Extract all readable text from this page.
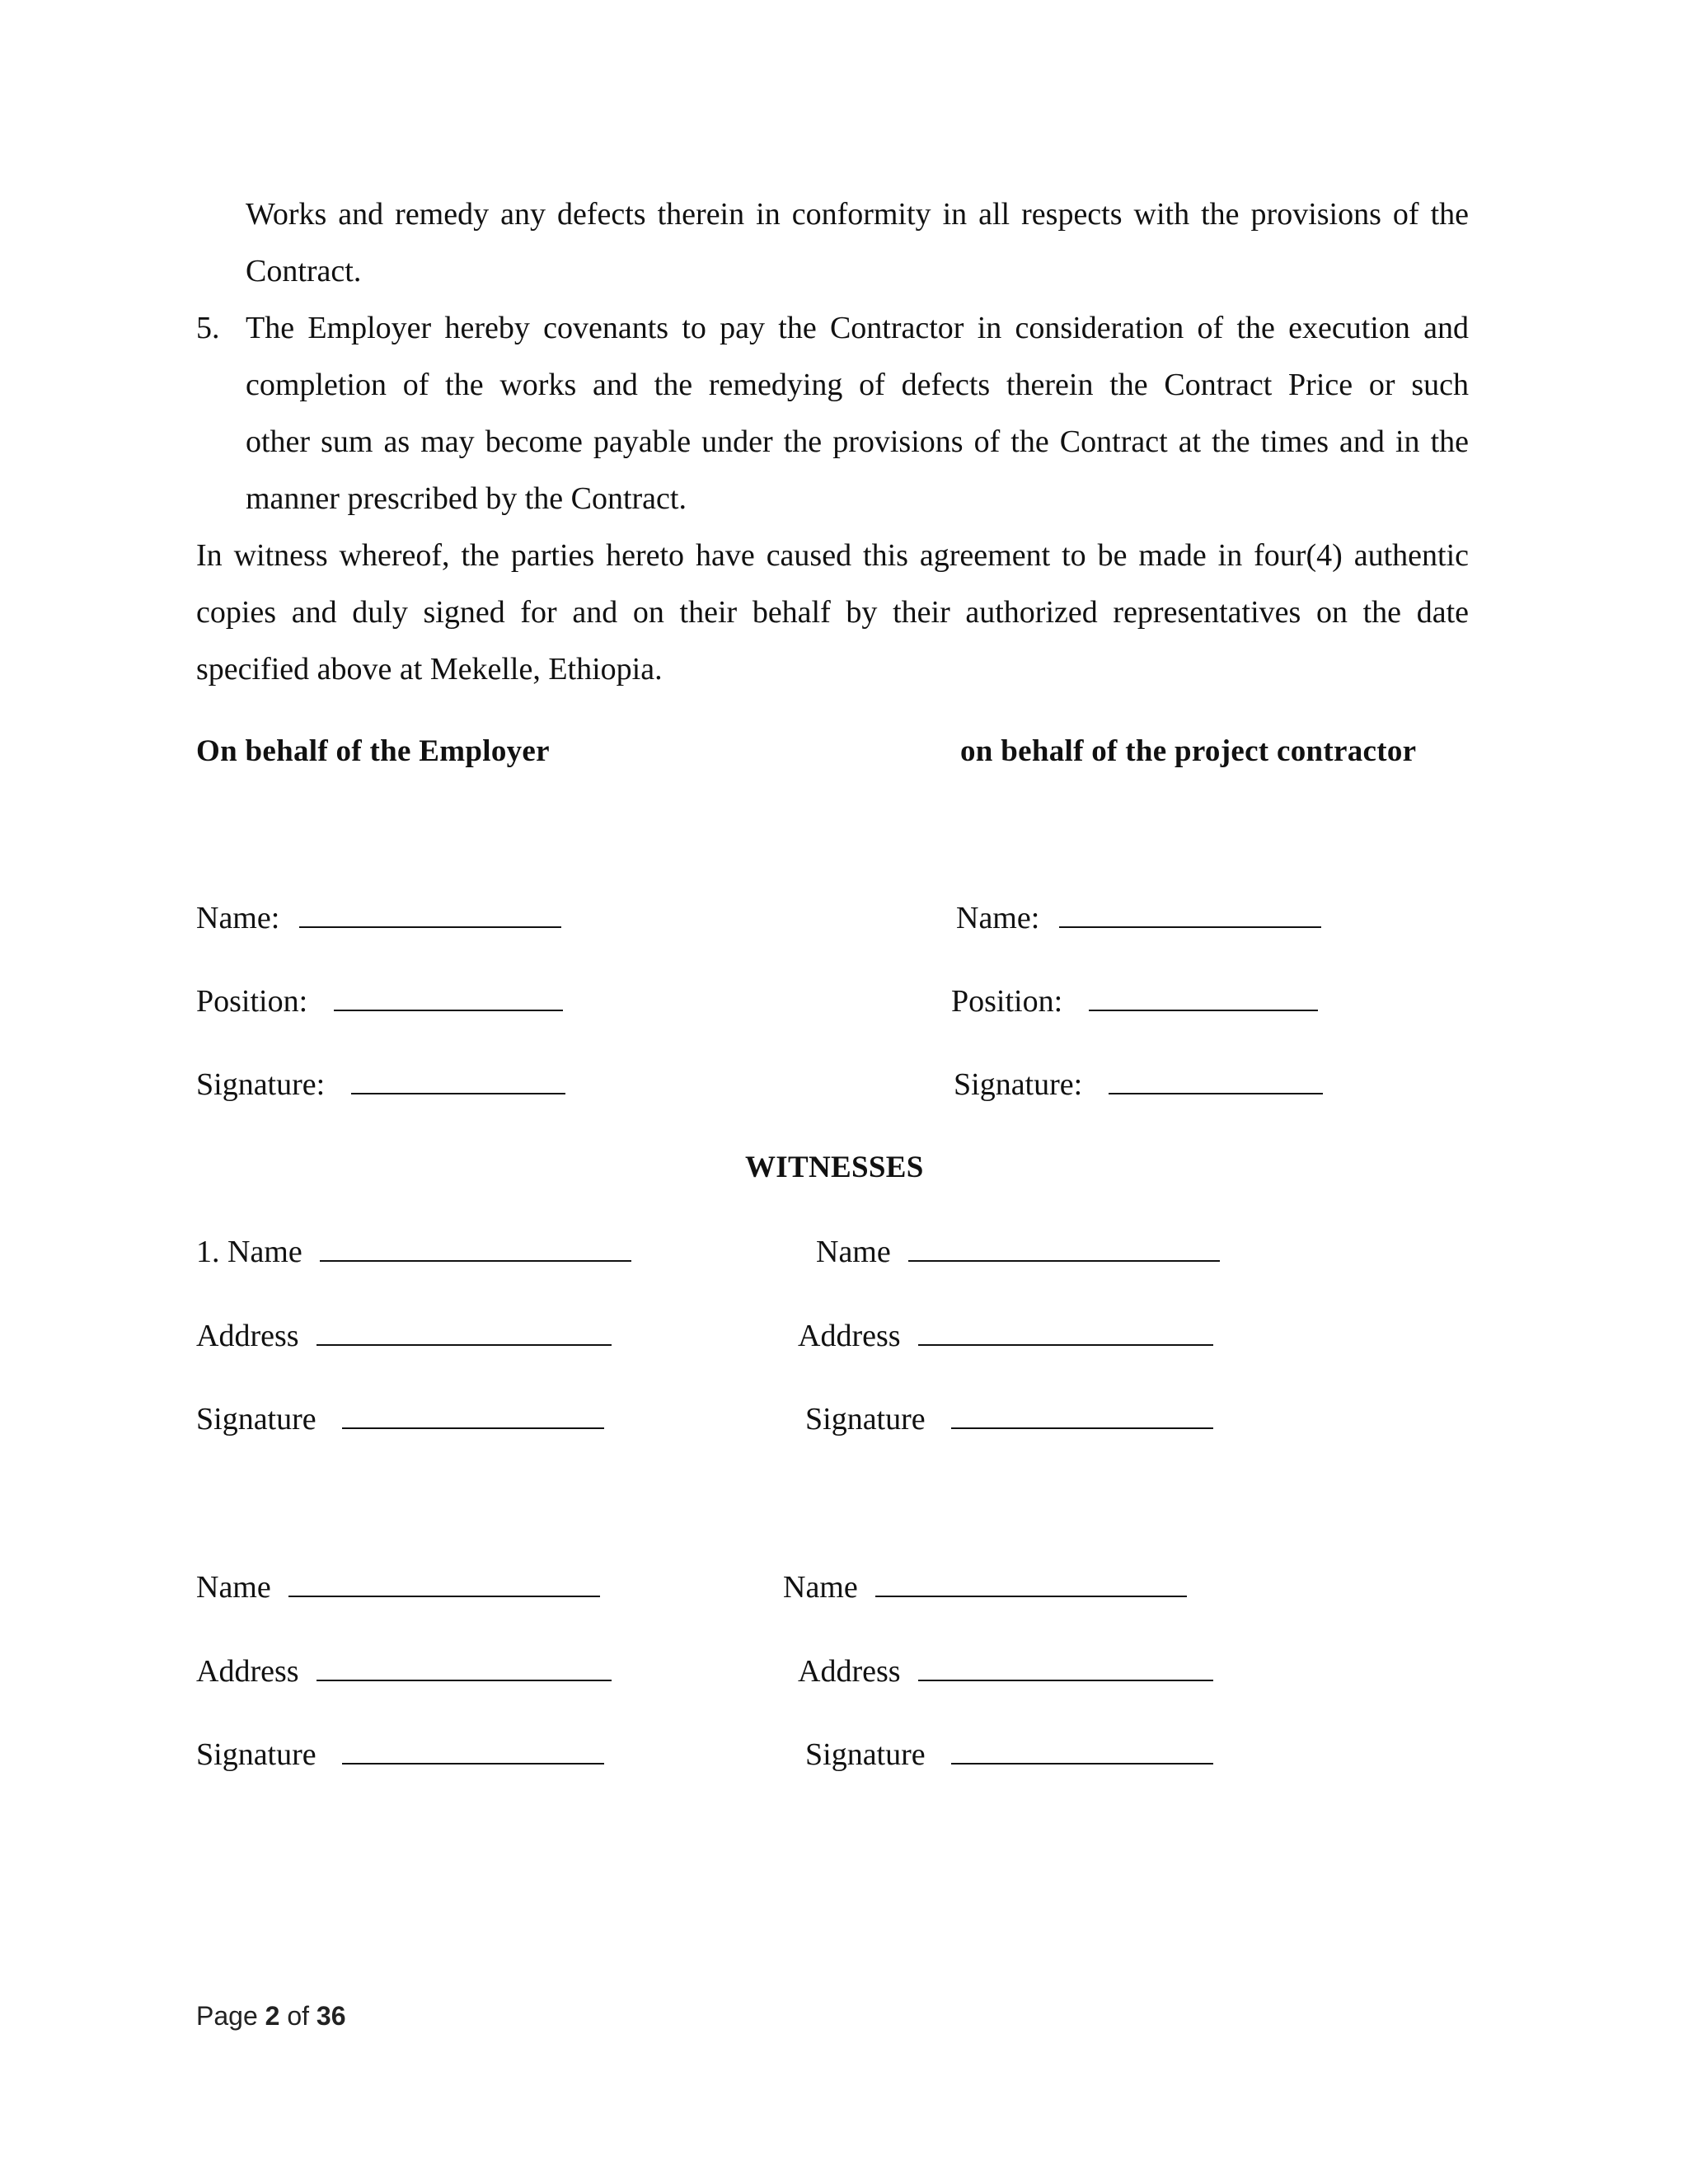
Works and remedy any defects therein in conformity in all respects with the provisions of the
Contract.
5. The Employer hereby covenants to pay the Contractor in consideration of the execution and
completion of the works and the remedying of defects therein the Contract Price or such
other sum as may become payable under the provisions of the Contract at the times and in the
manner prescribed by the Contract.
In witness whereof, the parties hereto have caused this agreement to be made in four(4) authentic
copies and duly signed for and on their behalf by their authorized representatives on the date
specified above at Mekelle, Ethiopia.
On behalf of the Employer	on behalf of the project contractor
Name:
Position:
Signature:
Name:
Position:
Signature:
WITNESSES
1. Name
Address
Signature
Name
Address
Signature
Name
Address
Signature
Name
Address
Signature
Page 2 of 36
